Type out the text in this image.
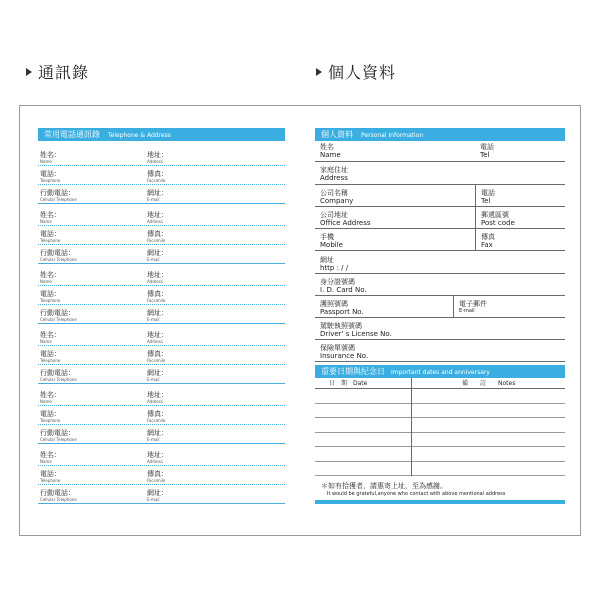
通訊錄	個人資料
常用電話通訊錄 Telephone & Address
姓名：
Name
地址：
Address
電話：
Telephone
傳真：
Facsimile
行動電話：
Cellular Telephone
網址：
E-mail
姓名：
Name
地址：
Address
電話：
Telephone
傳真：
Facsimile
行動電話：
Cellular Telephone
網址：
E-mail
姓名：
Name
地址：
Address
電話：
Telephone
傳真：
Facsimile
行動電話：
Cellular Telephone
網址：
E-mail
姓名：
Name
地址：
Address
電話：
Telephone
傳真：
Facsimile
行動電話：
Cellular Telephone
網址：
E-mail
姓名：
Name
地址：
Address
電話：
Telephone
傳真：
Facsimile
行動電話：
Cellular Telephone
網址：
E-mail
姓名：
Name
地址：
Address
電話：
Telephone
傳真：
Facsimile
行動電話：
Cellular Telephone
網址：
E-mail
個人資料 Personal Information
姓名
Name
電話
Tel
家庭住址
Address
公司名稱
Company
電話
Tel
公司地址
Office Address
郵遞區號
Post code
手機
Mobile
傳真
Fax
網址
http : / /
身分證號碼
I. D. Card No.
護照號碼
Passport No.
電子郵件
E-mail
駕駛執照號碼
Driver' s License No.
保險單號碼
Insurance No.
重要日期與紀念日 Important dates and anniversary
日　期　Date	備　　註　　Notes
＊如有拾獲者，請惠寄上址，至為感謝。
It would be grateful,anyone who contact with above mentional address
